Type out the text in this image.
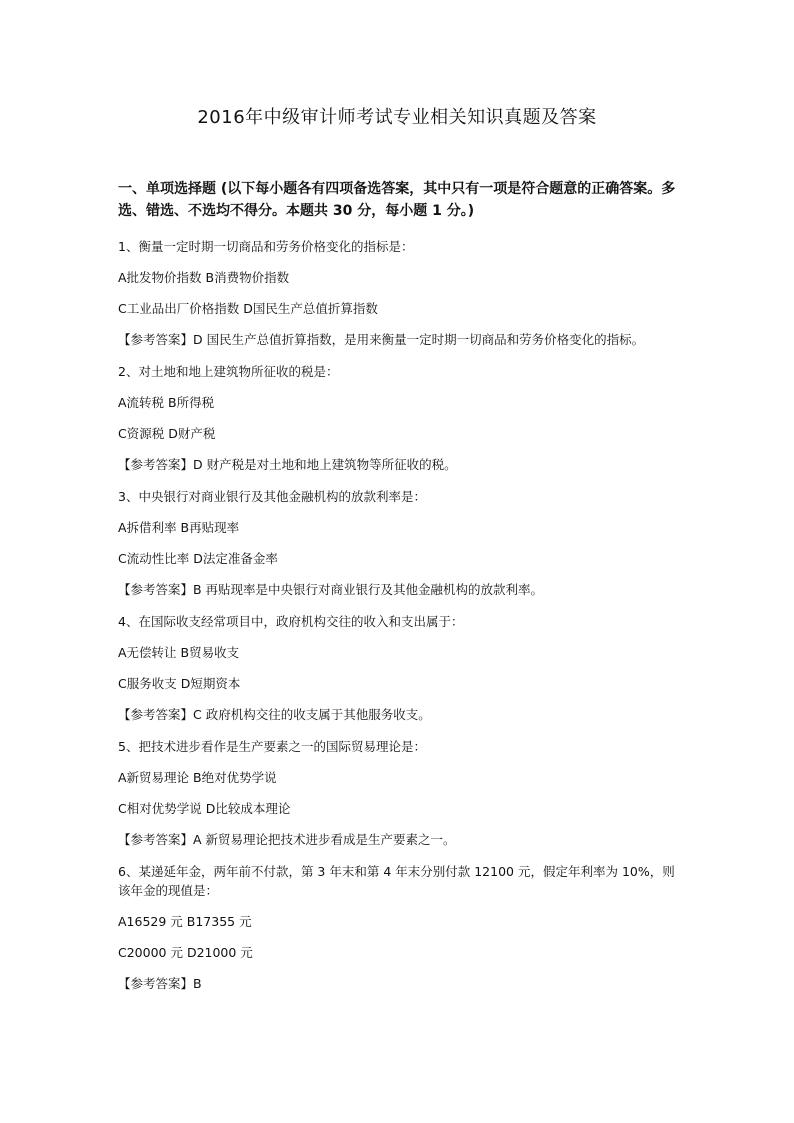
2016年中级审计师考试专业相关知识真题及答案
一、单项选择题 (以下每小题各有四项备选答案，其中只有一项是符合题意的正确答案。多选、错选、不选均不得分。本题共 30 分，每小题 1 分。)
1、衡量一定时期一切商品和劳务价格变化的指标是：
A批发物价指数 B消费物价指数
C工业品出厂价格指数 D国民生产总值折算指数
【参考答案】D 国民生产总值折算指数，是用来衡量一定时期一切商品和劳务价格变化的指标。
2、对土地和地上建筑物所征收的税是：
A流转税 B所得税
C资源税 D财产税
【参考答案】D 财产税是对土地和地上建筑物等所征收的税。
3、中央银行对商业银行及其他金融机构的放款利率是：
A拆借利率 B再贴现率
C流动性比率 D法定准备金率
【参考答案】B 再贴现率是中央银行对商业银行及其他金融机构的放款利率。
4、在国际收支经常项目中，政府机构交往的收入和支出属于：
A无偿转让 B贸易收支
C服务收支 D短期资本
【参考答案】C 政府机构交往的收支属于其他服务收支。
5、把技术进步看作是生产要素之一的国际贸易理论是：
A新贸易理论 B绝对优势学说
C相对优势学说 D比较成本理论
【参考答案】A 新贸易理论把技术进步看成是生产要素之一。
6、某递延年金，两年前不付款，第 3 年末和第 4 年末分别付款 12100 元，假定年利率为 10%，则该年金的现值是：
A16529 元 B17355 元
C20000 元 D21000 元
【参考答案】B
